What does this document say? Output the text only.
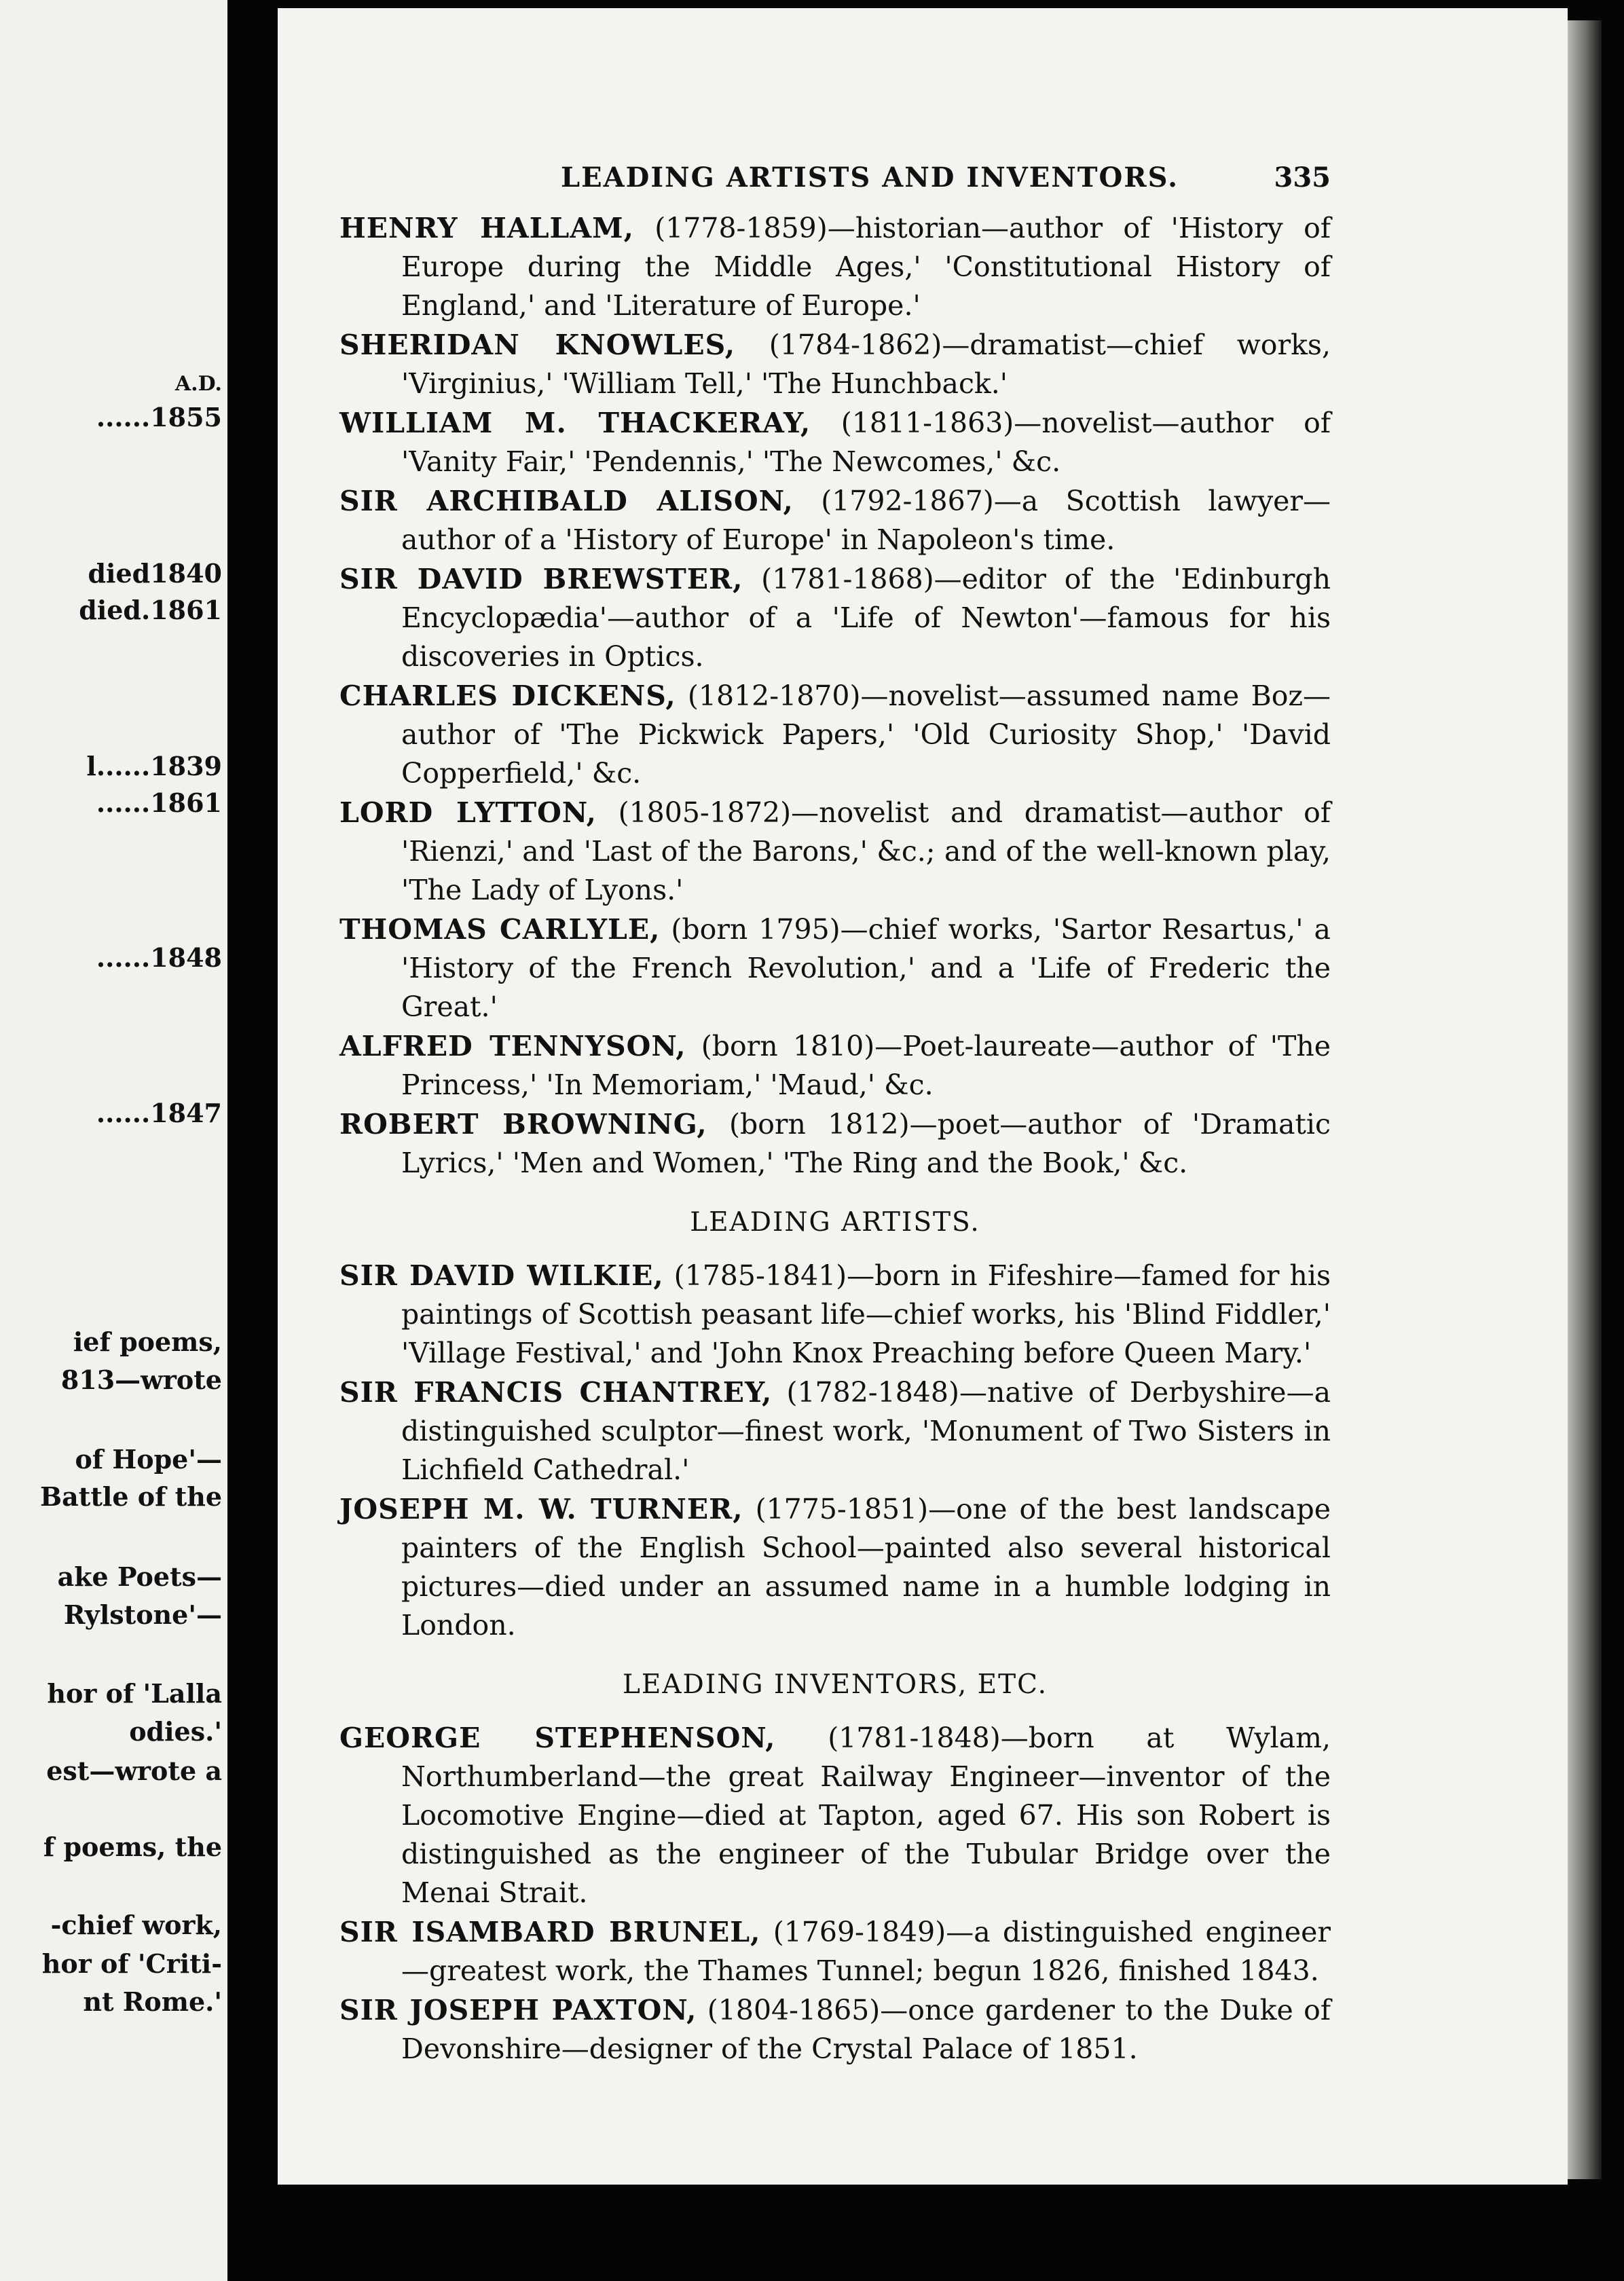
A.D.
......1855
died1840
died.1861
l......1839
......1861
......1848
......1847
ief poems,
813—wrote
of Hope'—
Battle of the
ake Poets—
Rylstone'—
hor of 'Lalla
odies.'
est—wrote a
f poems, the
-chief work,
hor of 'Criti-
nt Rome.'
LEADING ARTISTS AND INVENTORS.	335

HENRY HALLAM, (1778-1859)—historian—author of 'History of Europe during the Middle Ages,' 'Constitutional History of England,' and 'Literature of Europe.'

SHERIDAN KNOWLES, (1784-1862)—dramatist—chief works, 'Virginius,' 'William Tell,' 'The Hunchback.'

WILLIAM M. THACKERAY, (1811-1863)—novelist—author of 'Vanity Fair,' 'Pendennis,' 'The Newcomes,' &c.

SIR ARCHIBALD ALISON, (1792-1867)—a Scottish lawyer—author of a 'History of Europe' in Napoleon's time.

SIR DAVID BREWSTER, (1781-1868)—editor of the 'Edinburgh Encyclopædia'—author of a 'Life of Newton'—famous for his discoveries in Optics.

CHARLES DICKENS, (1812-1870)—novelist—assumed name Boz—author of 'The Pickwick Papers,' 'Old Curiosity Shop,' 'David Copperfield,' &c.

LORD LYTTON, (1805-1872)—novelist and dramatist—author of 'Rienzi,' and 'Last of the Barons,' &c.; and of the well-known play, 'The Lady of Lyons.'

THOMAS CARLYLE, (born 1795)—chief works, 'Sartor Resartus,' a 'History of the French Revolution,' and a 'Life of Frederic the Great.'

ALFRED TENNYSON, (born 1810)—Poet-laureate—author of 'The Princess,' 'In Memoriam,' 'Maud,' &c.

ROBERT BROWNING, (born 1812)—poet—author of 'Dramatic Lyrics,' 'Men and Women,' 'The Ring and the Book,' &c.

LEADING ARTISTS.

SIR DAVID WILKIE, (1785-1841)—born in Fifeshire—famed for his paintings of Scottish peasant life—chief works, his 'Blind Fiddler,' 'Village Festival,' and 'John Knox Preaching before Queen Mary.'

SIR FRANCIS CHANTREY, (1782-1848)—native of Derbyshire—a distinguished sculptor—finest work, 'Monument of Two Sisters in Lichfield Cathedral.'

JOSEPH M. W. TURNER, (1775-1851)—one of the best landscape painters of the English School—painted also several historical pictures—died under an assumed name in a humble lodging in London.

LEADING INVENTORS, ETC.

GEORGE STEPHENSON, (1781-1848)—born at Wylam, Northumberland—the great Railway Engineer—inventor of the Locomotive Engine—died at Tapton, aged 67. His son Robert is distinguished as the engineer of the Tubular Bridge over the Menai Strait.

SIR ISAMBARD BRUNEL, (1769-1849)—a distinguished engineer—greatest work, the Thames Tunnel; begun 1826, finished 1843.

SIR JOSEPH PAXTON, (1804-1865)—once gardener to the Duke of Devonshire—designer of the Crystal Palace of 1851.
